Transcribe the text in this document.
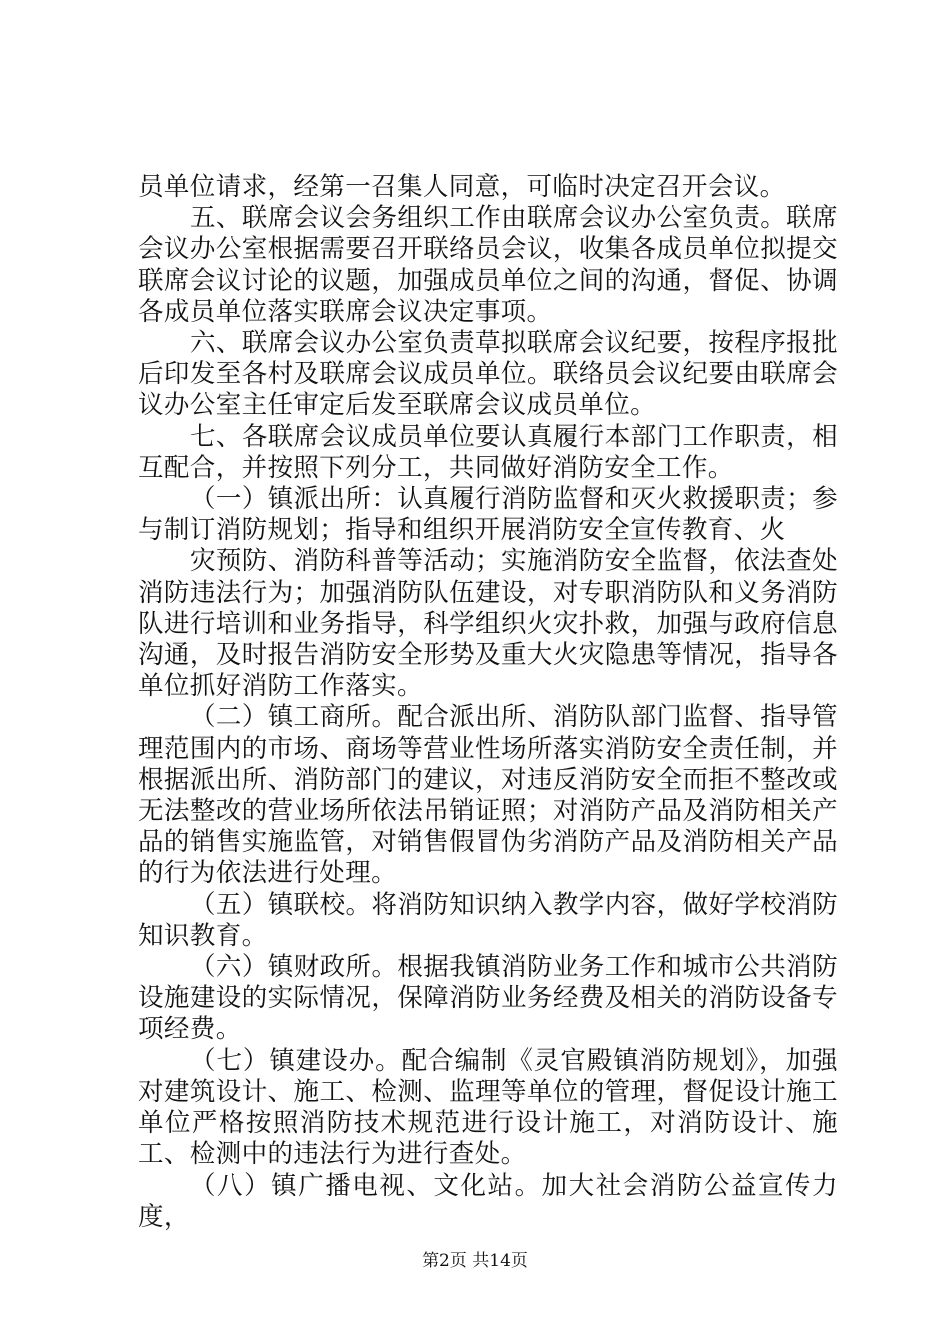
员单位请求，经第一召集人同意，可临时决定召开会议。

五、联席会议会务组织工作由联席会议办公室负责。联席会议办公室根据需要召开联络员会议，收集各成员单位拟提交联席会议讨论的议题，加强成员单位之间的沟通，督促、协调各成员单位落实联席会议决定事项。

六、联席会议办公室负责草拟联席会议纪要，按程序报批后印发至各村及联席会议成员单位。联络员会议纪要由联席会议办公室主任审定后发至联席会议成员单位。

七、各联席会议成员单位要认真履行本部门工作职责，相互配合，并按照下列分工，共同做好消防安全工作。

（一）镇派出所：认真履行消防监督和灭火救援职责；参与制订消防规划；指导和组织开展消防安全宣传教育、火

灾预防、消防科普等活动；实施消防安全监督，依法查处消防违法行为；加强消防队伍建设，对专职消防队和义务消防队进行培训和业务指导，科学组织火灾扑救，加强与政府信息沟通，及时报告消防安全形势及重大火灾隐患等情况，指导各单位抓好消防工作落实。

（二）镇工商所。配合派出所、消防队部门监督、指导管理范围内的市场、商场等营业性场所落实消防安全责任制，并根据派出所、消防部门的建议，对违反消防安全而拒不整改或无法整改的营业场所依法吊销证照；对消防产品及消防相关产品的销售实施监管，对销售假冒伪劣消防产品及消防相关产品的行为依法进行处理。

（五）镇联校。将消防知识纳入教学内容，做好学校消防知识教育。

（六）镇财政所。根据我镇消防业务工作和城市公共消防设施建设的实际情况，保障消防业务经费及相关的消防设备专项经费。

（七）镇建设办。配合编制《灵官殿镇消防规划》，加强对建筑设计、施工、检测、监理等单位的管理，督促设计施工单位严格按照消防技术规范进行设计施工，对消防设计、施工、检测中的违法行为进行查处。

（八）镇广播电视、文化站。加大社会消防公益宣传力度，

第2页 共14页
